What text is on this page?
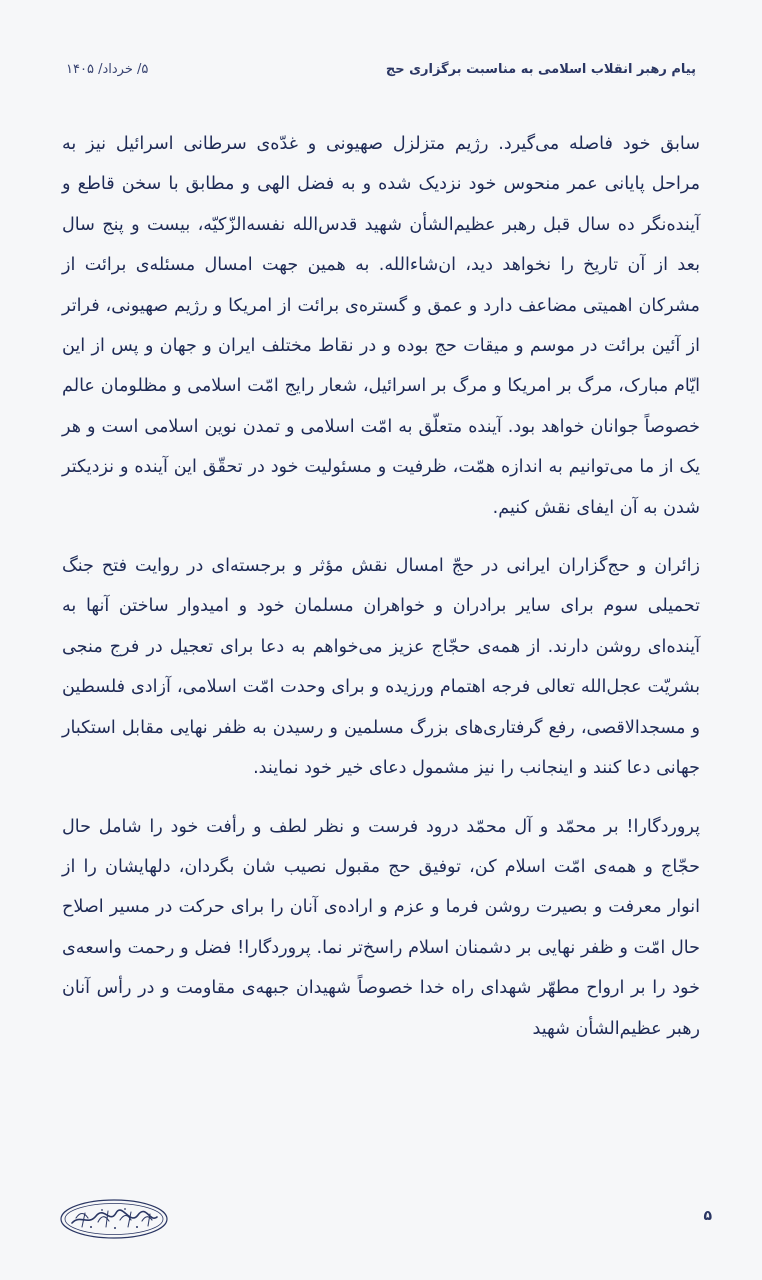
پیام رهبر انقلاب اسلامی به مناسبت برگزاری حج
۵/ خرداد/ ۱۴۰۵

سابق خود فاصله می‌گیرد. رژیم متزلزل صهیونی و غدّه‌ی سرطانی اسرائیل نیز به مراحل پایانی عمر منحوس خود نزدیک شده و به فضل الهی و مطابق با سخن قاطع و آینده‌نگر ده سال قبل رهبر عظیم‌الشأن شهید قدس‌الله نفسه‌الزّکیّه، بیست و پنج سال بعد از آن تاریخ را نخواهد دید، ان‌شاءالله. به همین جهت امسال مسئله‌ی برائت از مشرکان اهمیتی مضاعف دارد و عمق و گستره‌ی برائت از امریکا و رژیم صهیونی، فراتر از آئین برائت در موسم و میقات حج بوده و در نقاط مختلف ایران و جهان و پس از این ایّام مبارک، مرگ بر امریکا و مرگ بر اسرائیل، شعار رایج امّت اسلامی و مظلومان عالم خصوصاً جوانان خواهد بود. آینده متعلّق به امّت اسلامی و تمدن نوین اسلامی است و هر یک از ما می‌توانیم به اندازه‌ همّت، ظرفیت و مسئولیت خود در تحقّق این آینده و نزدیکتر شدن به آن ایفای نقش کنیم.

زائران و حج‌گزاران ایرانی در حجّ امسال نقش مؤثر و برجسته‌ای در روایت فتح جنگ تحمیلی سوم برای سایر برادران و خواهران مسلمان خود و امیدوار ساختن آنها به آینده‌ای روشن دارند. از همه‌ی حجّاج عزیز می‌خواهم به دعا برای تعجیل در فرج منجی بشریّت عجل‌الله تعالی فرجه اهتمام ورزیده و برای وحدت امّت اسلامی، آزادی فلسطین و مسجدالاقصی، رفع گرفتاری‌های بزرگ مسلمین و رسیدن به ظفر نهایی مقابل استکبار جهانی دعا کنند و اینجانب را نیز مشمول دعای خیر خود نمایند.

پروردگارا! بر محمّد و آل محمّد درود فرست و نظر لطف و رأفت خود را شامل حال حجّاج و همه‌ی امّت اسلام کن، توفیق حج مقبول نصیب شان بگردان، دلهایشان را از انوار معرفت و بصیرت روشن فرما و عزم و اراده‌ی آنان را برای حرکت در مسیر اصلاح حال امّت و ظفر نهایی بر دشمنان اسلام راسخ‌تر نما. پروردگارا! فضل و رحمت واسعه‌ی خود را بر ارواح مطهّر شهدای راه خدا خصوصاً شهیدان جبهه‌ی مقاومت و در رأس آنان رهبر عظیم‌الشأن شهید

۵
